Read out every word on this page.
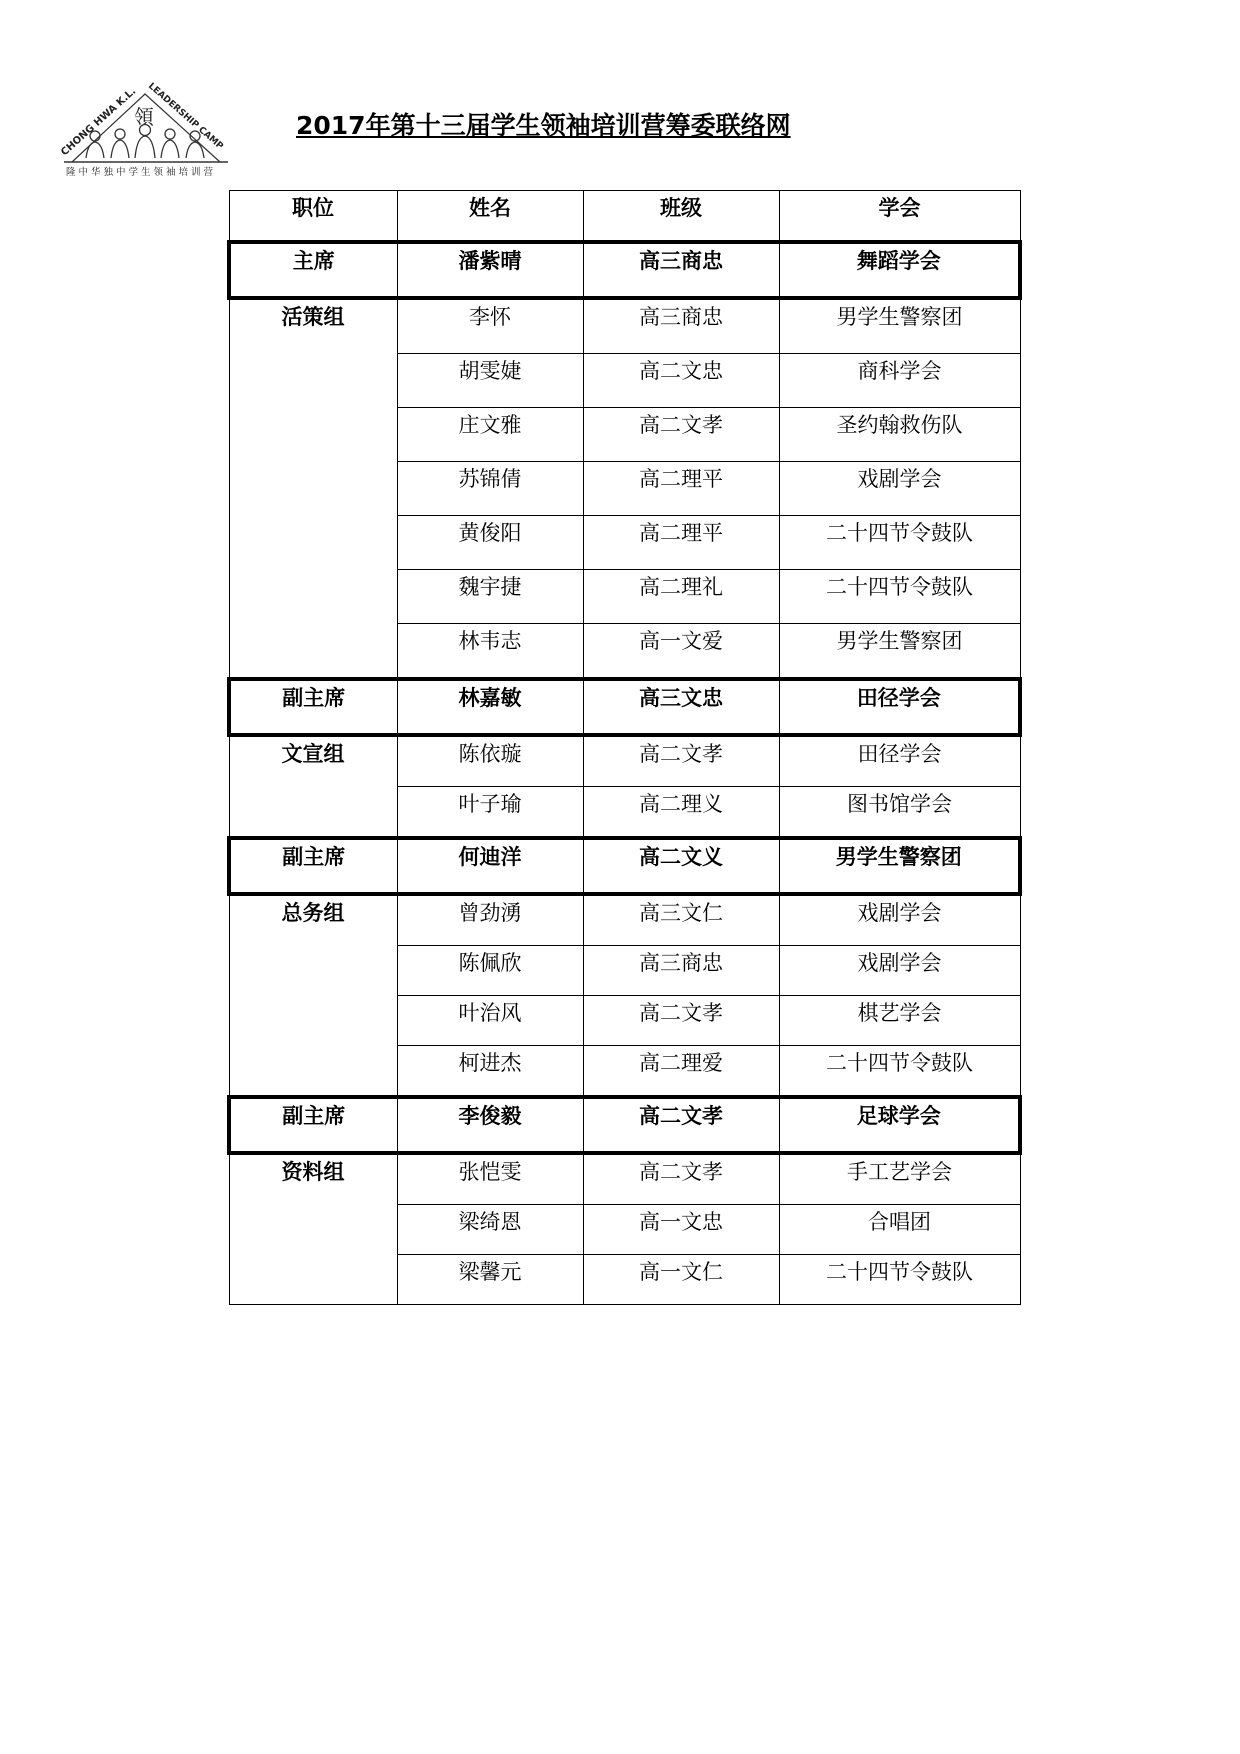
CHONG HWA K.L. LEADERSHIP CAMP
領
隆中华独中学生领袖培训营
2017年第十三届学生领袖培训营筹委联络网
职位	姓名	班级	学会
主席	潘紫晴	高三商忠	舞蹈学会
活策组	李怀	高三商忠	男学生警察团
	胡雯婕	高二文忠	商科学会
	庄文雅	高二文孝	圣约翰救伤队
	苏锦倩	高二理平	戏剧学会
	黄俊阳	高二理平	二十四节令鼓队
	魏宇捷	高二理礼	二十四节令鼓队
	林韦志	高一文爱	男学生警察团
副主席	林嘉敏	高三文忠	田径学会
文宣组	陈依璇	高二文孝	田径学会
	叶子瑜	高二理义	图书馆学会
副主席	何迪洋	高二文义	男学生警察团
总务组	曾劲湧	高三文仁	戏剧学会
	陈佩欣	高三商忠	戏剧学会
	叶治风	高二文孝	棋艺学会
	柯进杰	高二理爱	二十四节令鼓队
副主席	李俊毅	高二文孝	足球学会
资料组	张恺雯	高二文孝	手工艺学会
	梁绮恩	高一文忠	合唱团
	梁馨元	高一文仁	二十四节令鼓队
